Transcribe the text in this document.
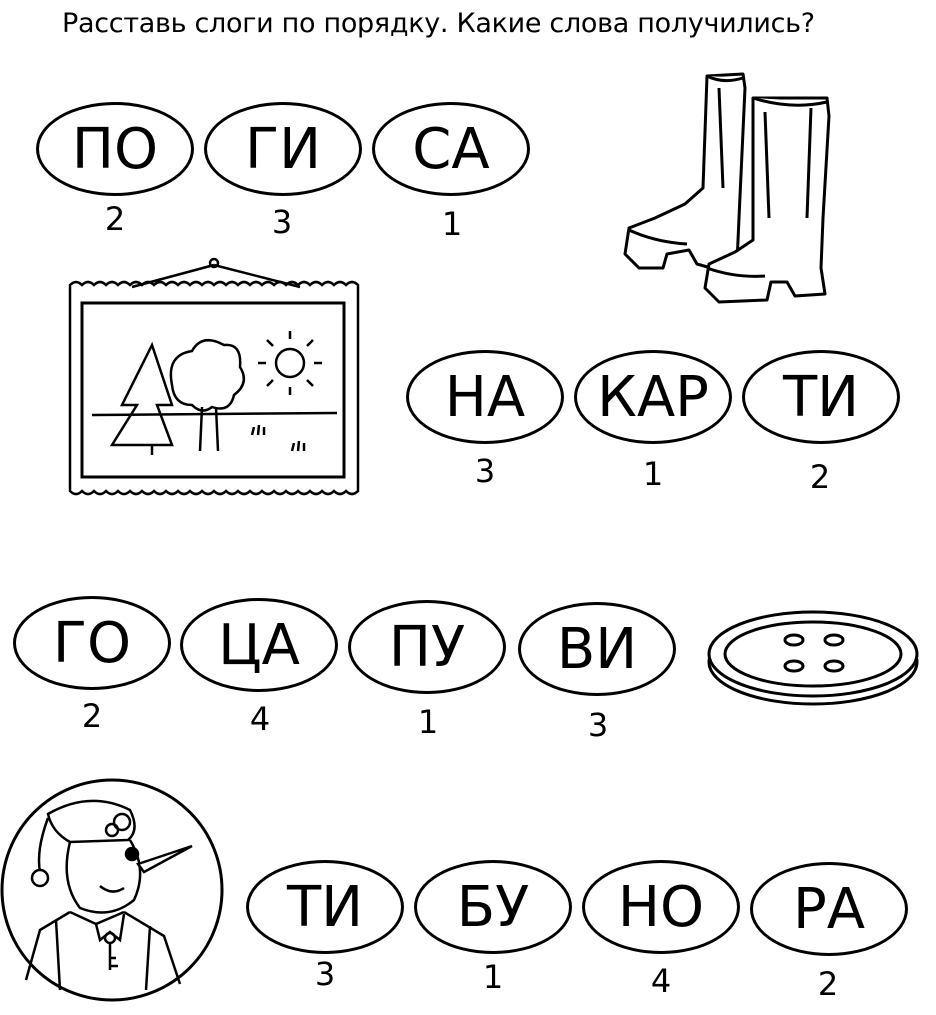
Расставь слоги по порядку. Какие слова получились?
ПО	ГИ	СА
2	3	1
НА	КАР	ТИ
3	1	2
ГО	ЦА	ПУ	ВИ
2	4	1	3
ТИ	БУ	НО	РА
3	1	4	2
